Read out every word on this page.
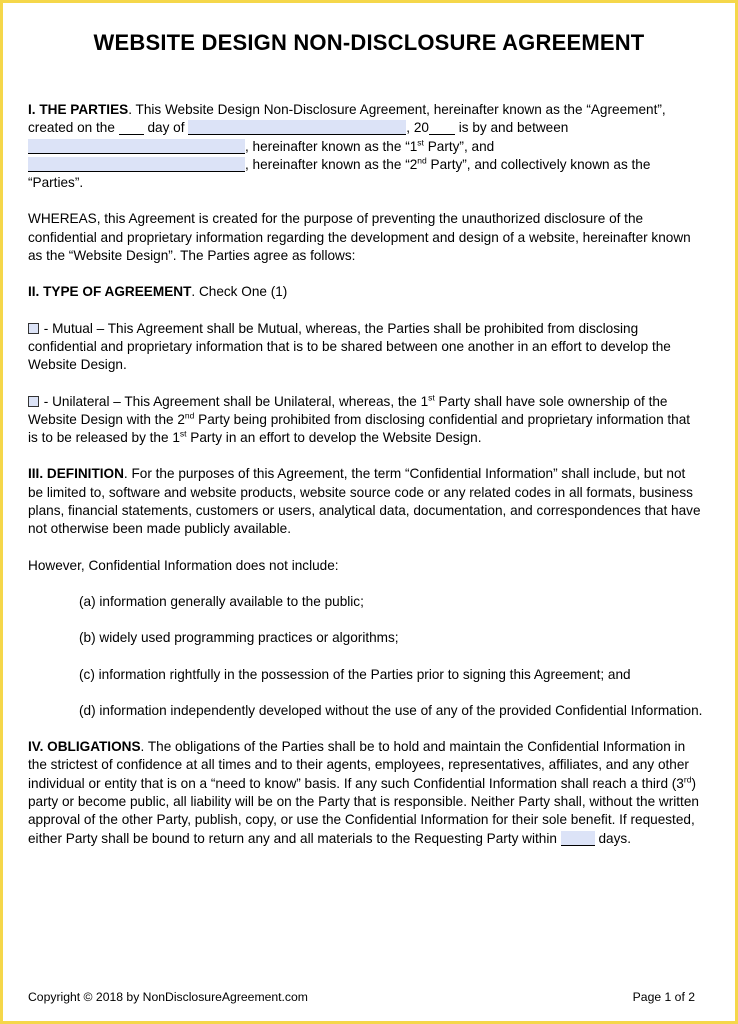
WEBSITE DESIGN NON-DISCLOSURE AGREEMENT

I. THE PARTIES. This Website Design Non-Disclosure Agreement, hereinafter known as the “Agreement”, created on the  day of	, 20 is by and between , hereinafter known as the “1st Party”, and , hereinafter known as the “2nd Party”, and collectively known as the “Parties”.

WHEREAS, this Agreement is created for the purpose of preventing the unauthorized disclosure of the confidential and proprietary information regarding the development and design of a website, hereinafter known as the “Website Design”. The Parties agree as follows:

II. TYPE OF AGREEMENT. Check One (1)

- Mutual – This Agreement shall be Mutual, whereas, the Parties shall be prohibited from disclosing confidential and proprietary information that is to be shared between one another in an effort to develop the Website Design.

- Unilateral – This Agreement shall be Unilateral, whereas, the 1st Party shall have sole ownership of the Website Design with the 2nd Party being prohibited from disclosing confidential and proprietary information that is to be released by the 1st Party in an effort to develop the Website Design.

III. DEFINITION. For the purposes of this Agreement, the term “Confidential Information” shall include, but not be limited to, software and website products, website source code or any related codes in all formats, business plans, financial statements, customers or users, analytical data, documentation, and correspondences that have not otherwise been made publicly available.

However, Confidential Information does not include:

(a) information generally available to the public;

(b) widely used programming practices or algorithms;

(c) information rightfully in the possession of the Parties prior to signing this Agreement; and

(d) information independently developed without the use of any of the provided Confidential Information.

IV. OBLIGATIONS. The obligations of the Parties shall be to hold and maintain the Confidential Information in the strictest of confidence at all times and to their agents, employees, representatives, affiliates, and any other individual or entity that is on a “need to know” basis. If any such Confidential Information shall reach a third (3rd) party or become public, all liability will be on the Party that is responsible. Neither Party shall, without the written approval of the other Party, publish, copy, or use the Confidential Information for their sole benefit. If requested, either Party shall be bound to return any and all materials to the Requesting Party within	days.

Copyright © 2018 by NonDisclosureAgreement.com	Page 1 of 2
